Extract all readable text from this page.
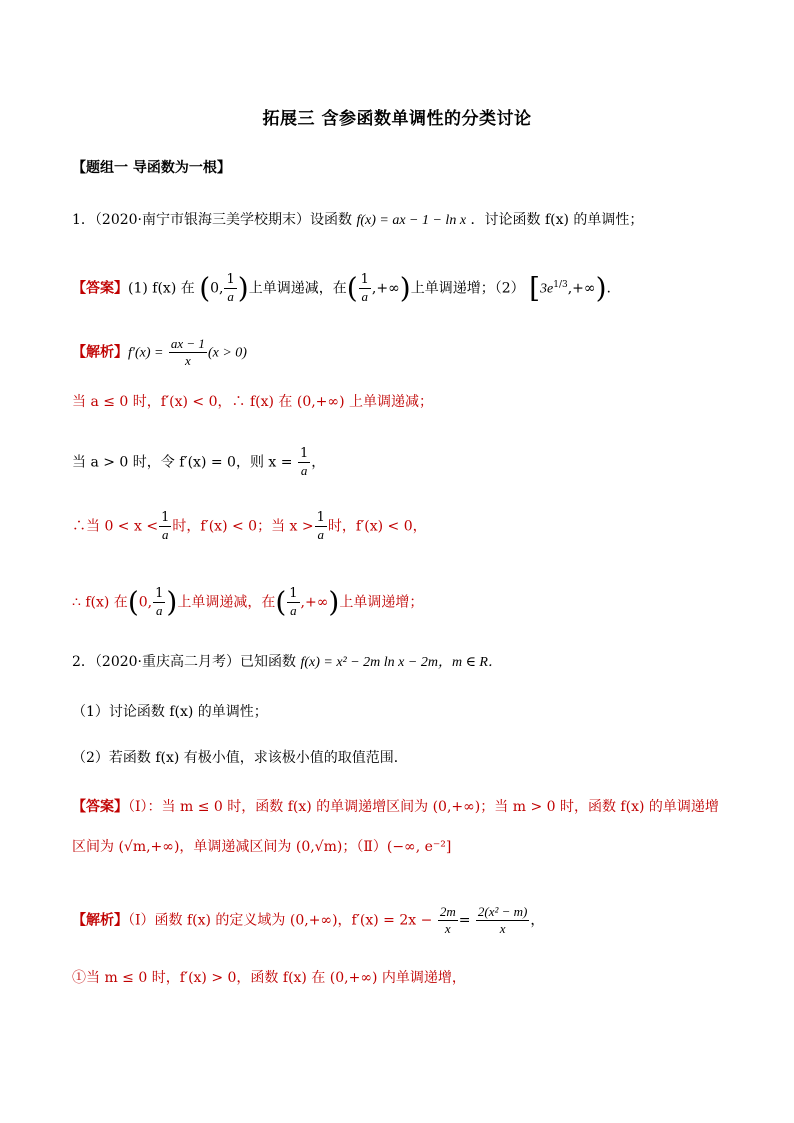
拓展三 含参函数单调性的分类讨论
【题组一 导函数为一根】
1．（2020·南宁市银海三美学校期末）设函数 f(x) = ax − 1 − ln x ．讨论函数 f(x) 的单调性；
【答案】(1) f(x) 在 (0, $\frac{1}{a}$ )上单调递减，在( $\frac{1}{a}$ ,+∞)上单调递增；（2） $[3e^{1/3},+\infty)$.
【解析】$f'(x) = \frac{ax - 1}{x} (x > 0)$
当 a ≤ 0 时，f′(x) < 0，∴ f(x) 在 (0,+∞) 上单调递减；
当 a > 0 时，令 f′(x) = 0，则 $x = \frac{1}{a}$ ，
∴当 $0 < x < \frac{1}{a}$ 时，f′(x) < 0；当 $x > \frac{1}{a}$ 时，f′(x) < 0，
∴ f(x) 在(0, $\frac{1}{a}$ )上单调递减，在( $\frac{1}{a}$ ,+∞)上单调递增；
2．（2020·重庆高二月考）已知函数 f(x) = x² − 2m ln x − 2m，m ∈ R．
（1）讨论函数 f(x) 的单调性；
（2）若函数 f(x) 有极小值，求该极小值的取值范围．
【答案】（Ⅰ）：当 m ≤ 0 时，函数 f(x) 的单调递增区间为 (0,+∞)；当 m > 0 时，函数 f(x) 的单调递增
区间为 (√m,+∞)，单调递减区间为 (0,√m)；（Ⅱ）(−∞, e⁻²]
【解析】（Ⅰ）函数 f(x) 的定义域为 (0,+∞)，$f'(x) = 2x - \frac{2m}{x} = \frac{\text{2(x² − m)}}{x}$ ，
①当 m ≤ 0 时，f′(x) > 0，函数 f(x) 在 (0,+∞) 内单调递增，
